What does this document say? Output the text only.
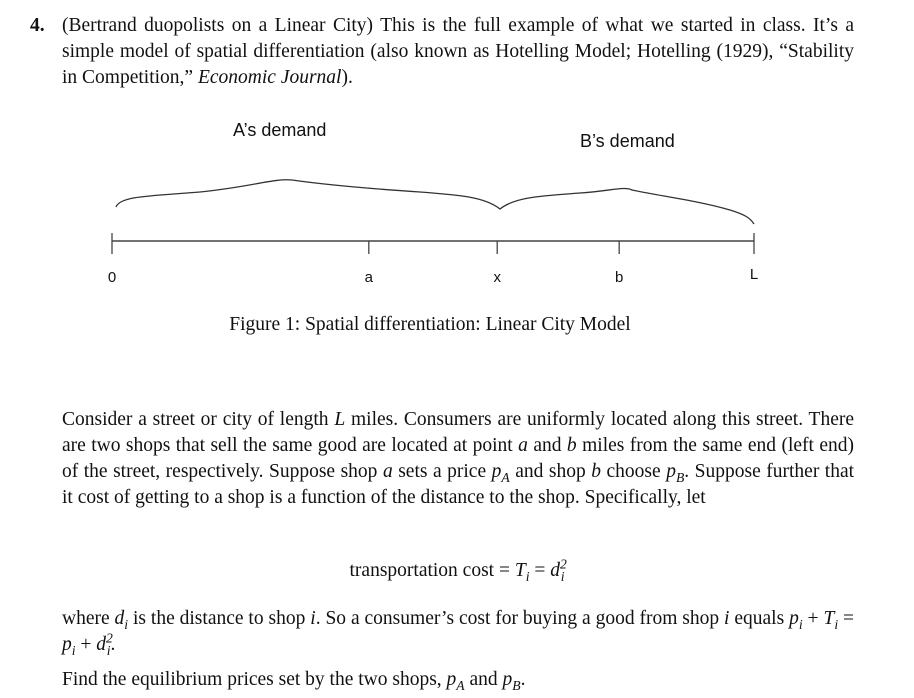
4. (Bertrand duopolists on a Linear City) This is the full example of what we started in class. It’s a simple model of spatial differentiation (also known as Hotelling Model; Hotelling (1929), “Stability in Competition,” Economic Journal).

A’s demand
B’s demand
0	a	x	b	L
Figure 1: Spatial differentiation: Linear City Model

Consider a street or city of length L miles. Consumers are uniformly located along this street. There are two shops that sell the same good are located at point a and b miles from the same end (left end) of the street, respectively. Suppose shop a sets a price $p_A$ and shop b choose $p_B$. Suppose further that it cost of getting to a shop is a function of the distance to the shop. Specifically, let

transportation $\cos t = T_i = d^2_i$

where $d_i$ is the distance to shop i. So a consumer’s cost for buying a good from shop i equals $p_i + T_i = p_i + d^2_i$.

Find the equilibrium prices set by the two shops, $p_A$ and $p_B$.
